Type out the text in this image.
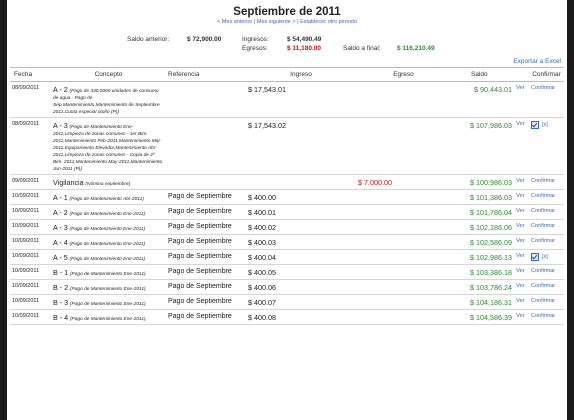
Septiembre de 2011
< Mes anterior | Mes siguiente > | Establecer otro periodo
Saldo anterior:	$ 72,900.00	Ingresos:	$ 54,490.49
Egresos:	$ 11,180.00	Saldo a final:	$ 116,210.49
Exportar a Excel
Fecha	Concepto	Referencia	Ingreso	Egreso	Saldo		Confirmar
08/09/2011	A - 2 (Pago de 330,0000 unidades de consumo de agua - Pago de Sep,Mantenimiento,Mantenimiento de Septiembre 2011,Cuota especial otoño (P))		$ 17,543.01		$ 90,443.01	Ver	Confirmar
08/09/2011	A - 3 (Pago de Mantenimiento Ene-2011,Limpieza de zonas comunes - 1er Bim. 2011,Mantenimiento Feb-2011,Mantenimiento Mar-2011,Equipamiento Elevador,Mantenimiento Abr-2011,Limpieza de zonas comunes - Copia de 2º Bim. 2011,Mantenimiento May-2011,Mantenimiento Jun-2011 (P))		$ 17,543.02		$ 107,986.03	Ver	[x]
09/09/2011	Vigilancia (Nómina septiembre)			$ 7,000.00	$ 100,986.03	Ver	Confirmar
10/09/2011	A - 1 (Pago de Mantenimiento Abr-2011)	Pago de Septiembre	$ 400.00		$ 101,386.03	Ver	Confirmar
10/09/2011	A - 2 (Pago de Mantenimiento Ene-2011)	Pago de Septiembre	$ 400.01		$ 101,786.04	Ver	Confirmar
10/09/2011	A - 3 (Pago de Mantenimiento Ene-2011)	Pago de Septiembre	$ 400.02		$ 102,186.06	Ver	Confirmar
10/09/2011	A - 4 (Pago de Mantenimiento Ene-2011)	Pago de Septiembre	$ 400.03		$ 102,586.09	Ver	Confirmar
10/09/2011	A - 5 (Pago de Mantenimiento Ene-2011)	Pago de Septiembre	$ 400.04		$ 102,986.13	Ver	[x]
10/09/2011	B - 1 (Pago de Mantenimiento Ene-2011)	Pago de Septiembre	$ 400.05		$ 103,386.18	Ver	Confirmar
10/09/2011	B - 2 (Pago de Mantenimiento Ene-2011)	Pago de Septiembre	$ 400.06		$ 103,786.24	Ver	Confirmar
10/09/2011	B - 3 (Pago de Mantenimiento Ene-2011)	Pago de Septiembre	$ 400.07		$ 104,186.31	Ver	Confirmar
10/09/2011	B - 4 (Pago de Mantenimiento Ene-2011)	Pago de Septiembre	$ 400.08		$ 104,586.39	Ver	Confirmar
